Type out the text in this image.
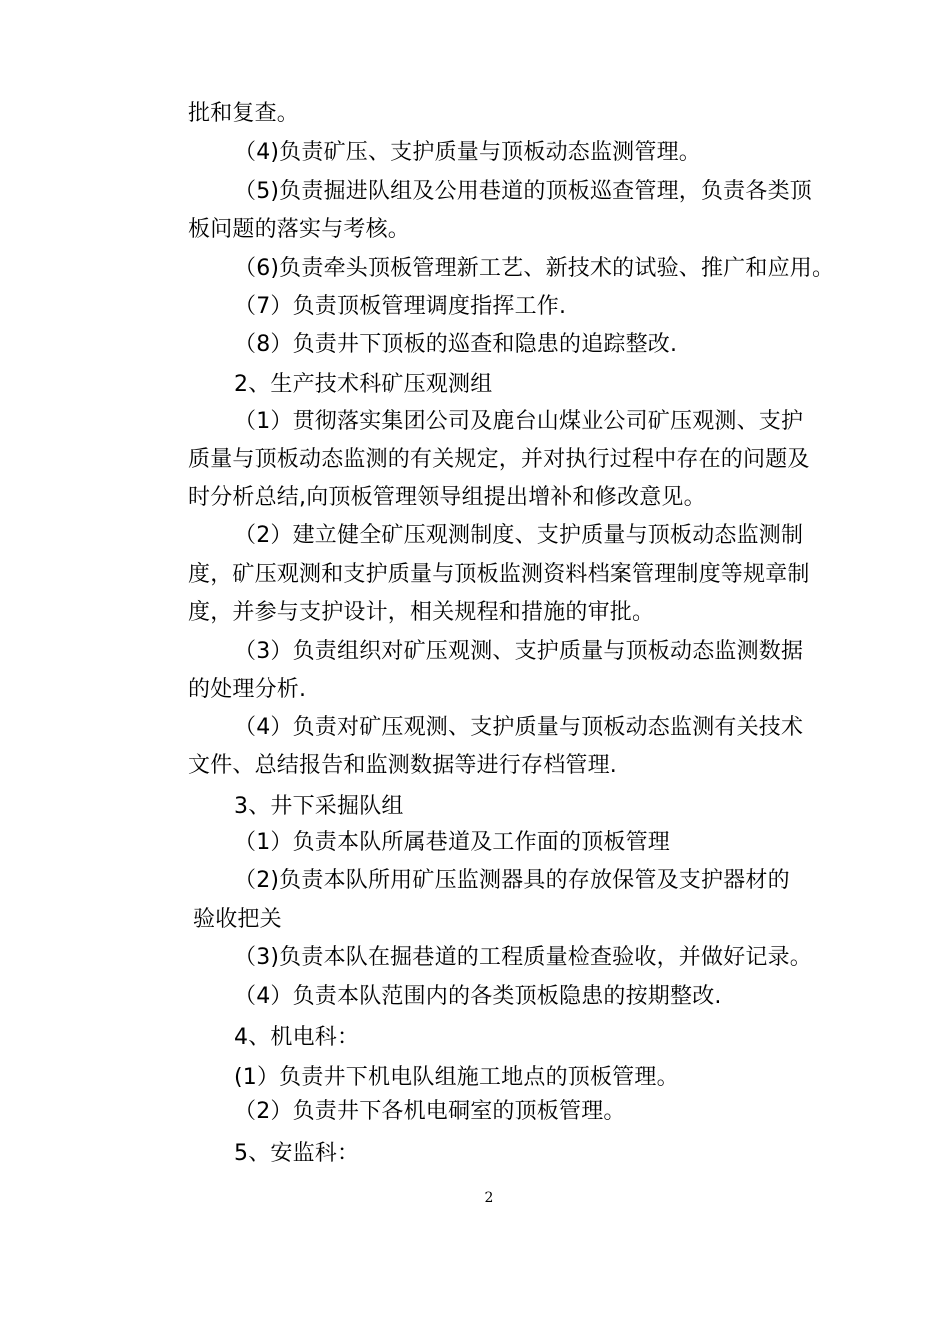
批和复查。
（4)负责矿压、支护质量与顶板动态监测管理。
（5)负责掘进队组及公用巷道的顶板巡查管理，负责各类顶
板问题的落实与考核。
（6)负责牵头顶板管理新工艺、新技术的试验、推广和应用。
（7）负责顶板管理调度指挥工作.
（8）负责井下顶板的巡查和隐患的追踪整改.
2、生产技术科矿压观测组
（1）贯彻落实集团公司及鹿台山煤业公司矿压观测、支护
质量与顶板动态监测的有关规定，并对执行过程中存在的问题及
时分析总结,向顶板管理领导组提出增补和修改意见。
（2）建立健全矿压观测制度、支护质量与顶板动态监测制
度，矿压观测和支护质量与顶板监测资料档案管理制度等规章制
度，并参与支护设计，相关规程和措施的审批。
（3）负责组织对矿压观测、支护质量与顶板动态监测数据
的处理分析.
（4）负责对矿压观测、支护质量与顶板动态监测有关技术
文件、总结报告和监测数据等进行存档管理.
3、井下采掘队组
（1）负责本队所属巷道及工作面的顶板管理
（2)负责本队所用矿压监测器具的存放保管及支护器材的
验收把关
（3)负责本队在掘巷道的工程质量检查验收，并做好记录。
（4）负责本队范围内的各类顶板隐患的按期整改.
4、机电科：
(1）负责井下机电队组施工地点的顶板管理。
（2）负责井下各机电硐室的顶板管理。
5、安监科：
2
